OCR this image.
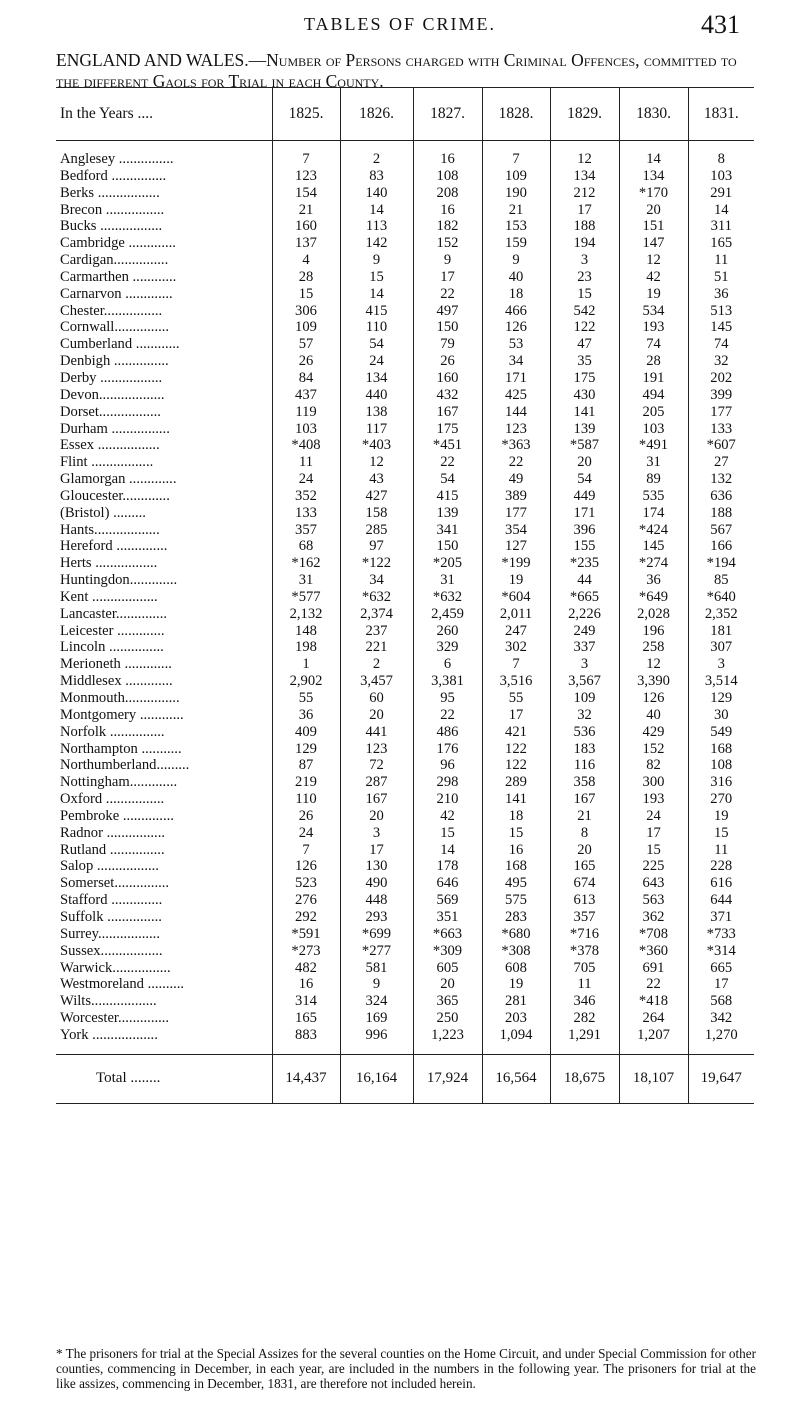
TABLES OF CRIME.	431
ENGLAND AND WALES.—Number of Persons charged with Criminal Offences, committed to the different Gaols for Trial in each County.
In the Years ....	1825.	1826.	1827.	1828.	1829.	1830.	1831.

Anglesey ...............	7	2	16	7	12	14	8
Bedford ...............	123	83	108	109	134	134	103
Berks .................	154	140	208	190	212	*170	291
Brecon ................	21	14	16	21	17	20	14
Bucks .................	160	113	182	153	188	151	311
Cambridge .............	137	142	152	159	194	147	165
Cardigan...............	4	9	9	9	3	12	11
Carmarthen ............	28	15	17	40	23	42	51
Carnarvon .............	15	14	22	18	15	19	36
Chester................	306	415	497	466	542	534	513
Cornwall...............	109	110	150	126	122	193	145
Cumberland ............	57	54	79	53	47	74	74
Denbigh ...............	26	24	26	34	35	28	32
Derby .................	84	134	160	171	175	191	202
Devon..................	437	440	432	425	430	494	399
Dorset.................	119	138	167	144	141	205	177
Durham ................	103	117	175	123	139	103	133
Essex .................	*408	*403	*451	*363	*587	*491	*607
Flint .................	11	12	22	22	20	31	27
Glamorgan .............	24	43	54	49	54	89	132
Gloucester.............	352	427	415	389	449	535	636
(Bristol) .........	133	158	139	177	171	174	188
Hants..................	357	285	341	354	396	*424	567
Hereford ..............	68	97	150	127	155	145	166
Herts .................	*162	*122	*205	*199	*235	*274	*194
Huntingdon.............	31	34	31	19	44	36	85
Kent ..................	*577	*632	*632	*604	*665	*649	*640
Lancaster..............	2,132	2,374	2,459	2,011	2,226	2,028	2,352
Leicester .............	148	237	260	247	249	196	181
Lincoln ...............	198	221	329	302	337	258	307
Merioneth .............	1	2	6	7	3	12	3
Middlesex .............	2,902	3,457	3,381	3,516	3,567	3,390	3,514
Monmouth...............	55	60	95	55	109	126	129
Montgomery ............	36	20	22	17	32	40	30
Norfolk ...............	409	441	486	421	536	429	549
Northampton ...........	129	123	176	122	183	152	168
Northumberland.........	87	72	96	122	116	82	108
Nottingham.............	219	287	298	289	358	300	316
Oxford ................	110	167	210	141	167	193	270
Pembroke ..............	26	20	42	18	21	24	19
Radnor ................	24	3	15	15	8	17	15
Rutland ...............	7	17	14	16	20	15	11
Salop .................	126	130	178	168	165	225	228
Somerset...............	523	490	646	495	674	643	616
Stafford ..............	276	448	569	575	613	563	644
Suffolk ...............	292	293	351	283	357	362	371
Surrey.................	*591	*699	*663	*680	*716	*708	*733
Sussex.................	*273	*277	*309	*308	*378	*360	*314
Warwick................	482	581	605	608	705	691	665
Westmoreland ..........	16	9	20	19	11	22	17
Wilts..................	314	324	365	281	346	*418	568
Worcester..............	165	169	250	203	282	264	342
York ..................	883	996	1,223	1,094	1,291	1,207	1,270

Total ........	14,437	16,164	17,924	16,564	18,675	18,107	19,647
* The prisoners for trial at the Special Assizes for the several counties on the Home Circuit, and under Special Commission for other counties, commencing in December, in each year, are included in the numbers in the following year. The prisoners for trial at the like assizes, commencing in December, 1831, are therefore not included herein.
